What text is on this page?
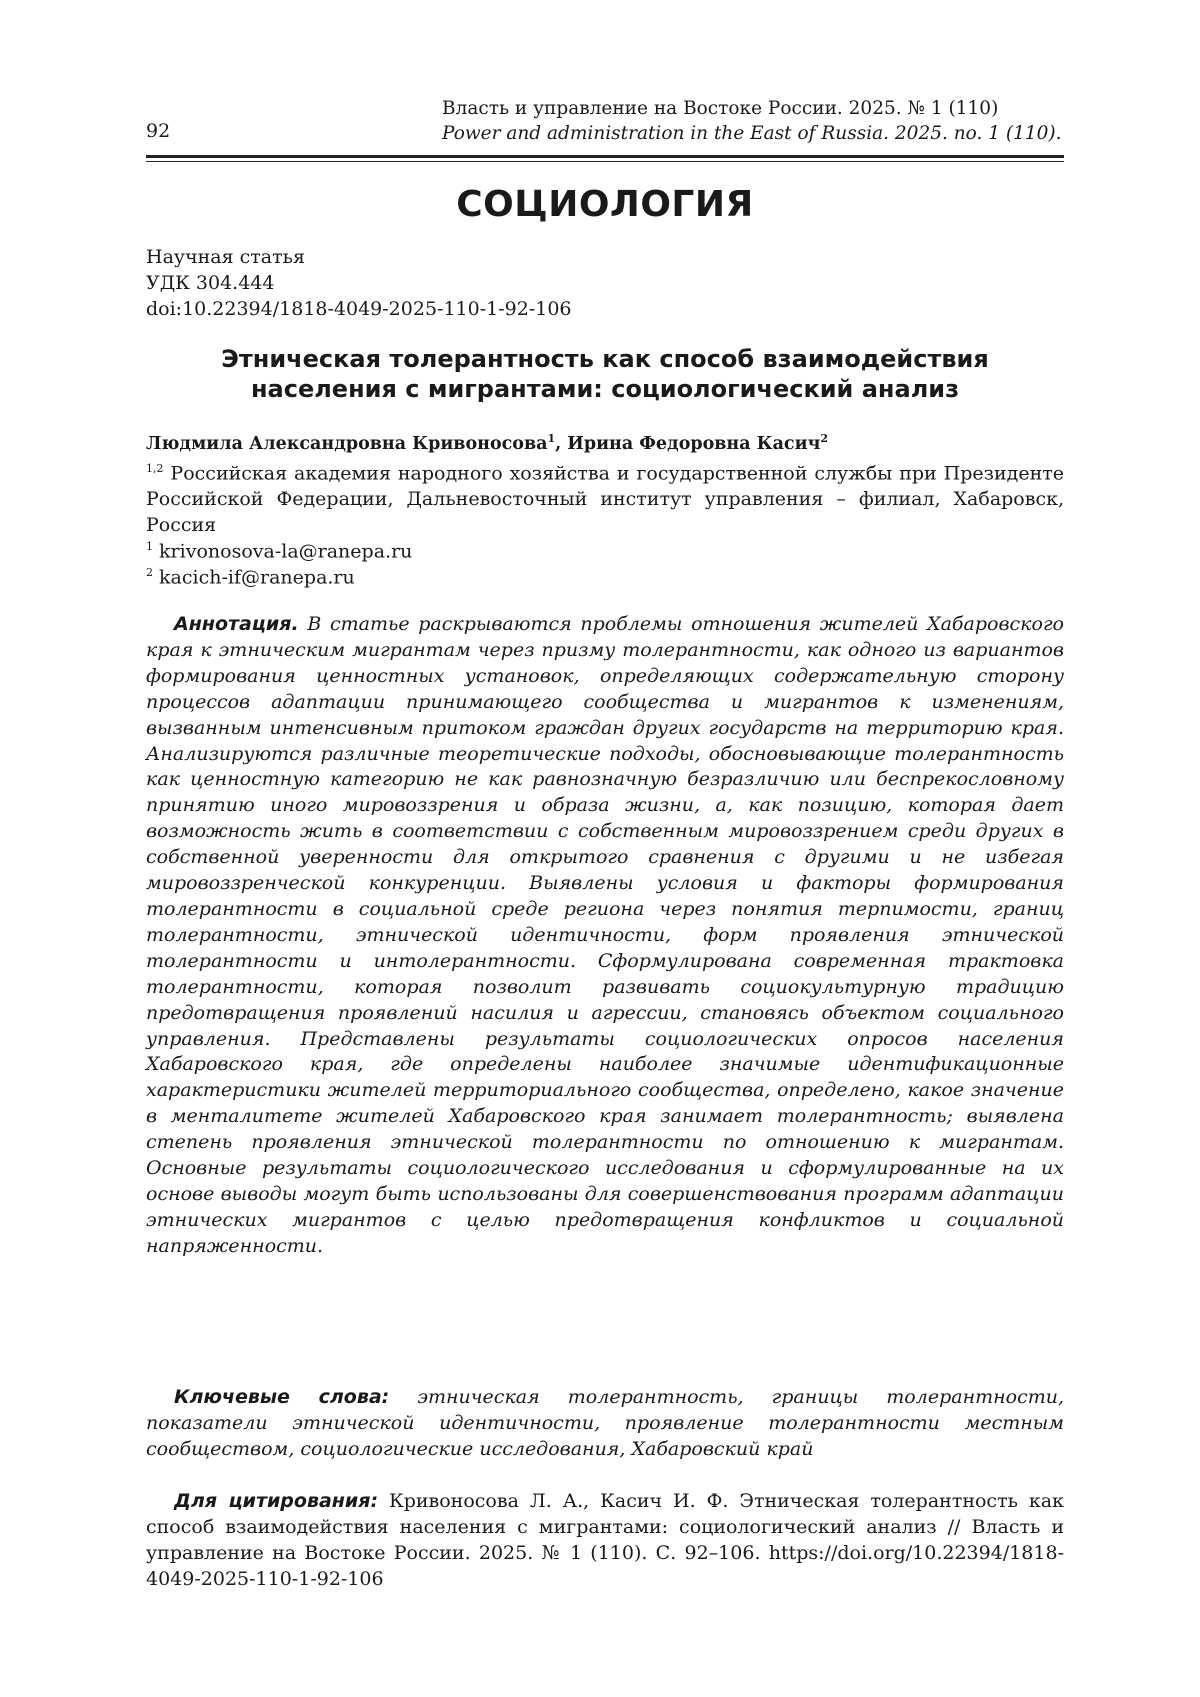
92
Власть и управление на Востоке России. 2025. № 1 (110)
Power and administration in the East of Russia. 2025. no. 1 (110).
СОЦИОЛОГИЯ
Научная статья
УДК 304.444
doi:10.22394/1818-4049-2025-110-1-92-106
Этническая толерантность как способ взаимодействия
населения с мигрантами: социологический анализ
Людмила Александровна Кривоносова$^1$, Ирина Федоровна Касич$^2$
$^{1,2}$ Российская академия народного хозяйства и государственной службы при Президенте Российской Федерации, Дальневосточный институт управления – филиал, Хабаровск, Россия
$^1$ krivonosova-la@ranepa.ru
$^2$ kacich-if@ranepa.ru
Аннотация. В статье раскрываются проблемы отношения жителей Хабаровского края к этническим мигрантам через призму толерантности, как одного из вариантов формирования ценностных установок, определяющих содержательную сторону процессов адаптации принимающего сообщества и мигрантов к изменениям, вызванным интенсивным притоком граждан других государств на территорию края. Анализируются различные теоретические подходы, обосновывающие толерантность как ценностную категорию не как равнозначную безразличию или беспрекословному принятию иного мировоззрения и образа жизни, а, как позицию, которая дает возможность жить в соответствии с собственным мировоззрением среди других в собственной уверенности для открытого сравнения с другими и не избегая мировоззренческой конкуренции. Выявлены условия и факторы формирования толерантности в социальной среде региона через понятия терпимости, границ толерантности, этнической идентичности, форм проявления этнической толерантности и интолерантности. Сформулирована современная трактовка толерантности, которая позволит развивать социокультурную традицию предотвращения проявлений насилия и агрессии, становясь объектом социального управления. Представлены результаты социологических опросов населения Хабаровского края, где определены наиболее значимые идентификационные характеристики жителей территориального сообщества, определено, какое значение в менталитете жителей Хабаровского края занимает толерантность; выявлена степень проявления этнической толерантности по отношению к мигрантам. Основные результаты социологического исследования и сформулированные на их основе выводы могут быть использованы для совершенствования программ адаптации этнических мигрантов с целью предотвращения конфликтов и социальной напряженности.
Ключевые слова: этническая толерантность, границы толерантности, показатели этнической идентичности, проявление толерантности местным сообществом, социологические исследования, Хабаровский край
Для цитирования: Кривоносова Л. А., Касич И. Ф. Этническая толерантность как способ взаимодействия населения с мигрантами: социологический анализ // Власть и управление на Востоке России. 2025. № 1 (110). С. 92–106. https://doi.org/10.22394/1818-4049-2025-110-1-92-106
